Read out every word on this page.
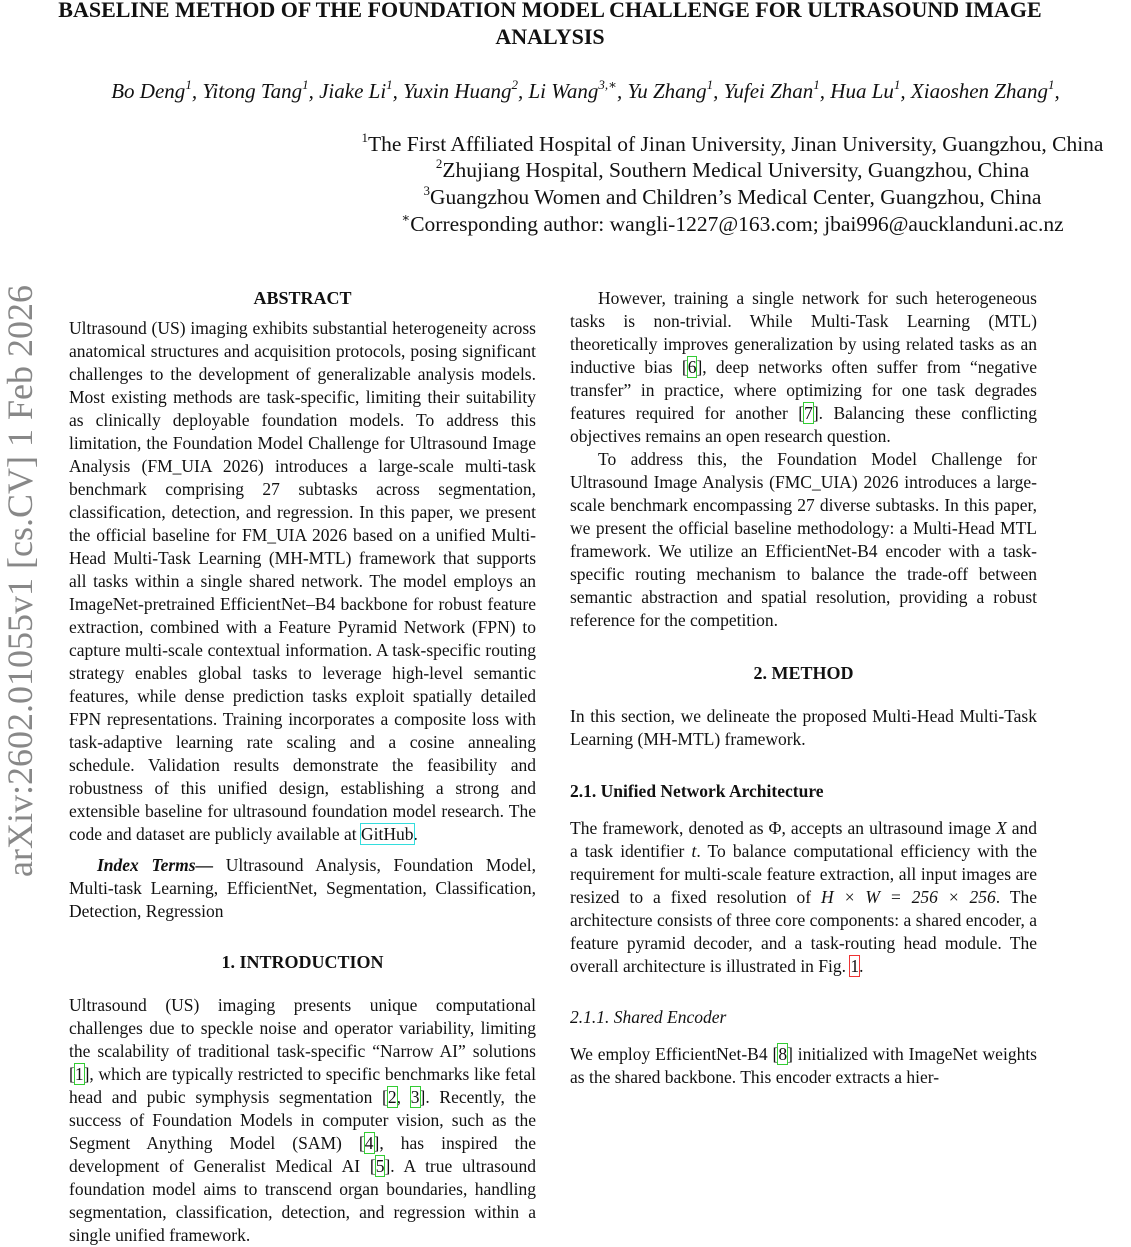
BASELINE METHOD OF THE FOUNDATION MODEL CHALLENGE FOR ULTRASOUND IMAGE ANALYSIS
Bo Deng$^1$, Yitong Tang$^1$, Jiake Li$^1$, Yuxin Huang$^2$, Li Wang$^{3,∗}$, Yu Zhang$^1$, Yufei Zhan$^1$, Hua Lu$^1$, Xiaoshen Zhang$^1$,
$^1$The First Affiliated Hospital of Jinan University, Jinan University, Guangzhou, China
$^2$Zhujiang Hospital, Southern Medical University, Guangzhou, China
$^3$Guangzhou Women and Children’s Medical Center, Guangzhou, China
∗Corresponding author: wangli-1227@163.com; jbai996@aucklanduni.ac.nz
arXiv:2602.01055v1 [cs.CV] 1 Feb 2026	ABSTRACT

Ultrasound (US) imaging exhibits substantial heterogeneity across anatomical structures and acquisition protocols, posing significant challenges to the development of generalizable analysis models. Most existing methods are task-specific, limiting their suitability as clinically deployable foundation models. To address this limitation, the Foundation Model Challenge for Ultrasound Image Analysis (FM_UIA 2026) introduces a large-scale multi-task benchmark comprising 27 subtasks across segmentation, classification, detection, and regression. In this paper, we present the official baseline for FM_UIA 2026 based on a unified Multi-Head Multi-Task Learning (MH-MTL) framework that supports all tasks within a single shared network. The model employs an ImageNet-pretrained EfficientNet–B4 backbone for robust feature extraction, combined with a Feature Pyramid Network (FPN) to capture multi-scale contextual information. A task-specific routing strategy enables global tasks to leverage high-level semantic features, while dense prediction tasks exploit spatially detailed FPN representations. Training incorporates a composite loss with task-adaptive learning rate scaling and a cosine annealing schedule. Validation results demonstrate the feasibility and robustness of this unified design, establishing a strong and extensible baseline for ultrasound foundation model research. The code and dataset are publicly available at GitHub.

Index Terms— Ultrasound Analysis, Foundation Model, Multi-task Learning, EfficientNet, Segmentation, Classification, Detection, Regression

1. INTRODUCTION

Ultrasound (US) imaging presents unique computational challenges due to speckle noise and operator variability, limiting the scalability of traditional task-specific “Narrow AI” solutions [1], which are typically restricted to specific benchmarks like fetal head and pubic symphysis segmentation [2, 3]. Recently, the success of Foundation Models in computer vision, such as the Segment Anything Model (SAM) [4], has inspired the development of Generalist Medical AI [5]. A true ultrasound foundation model aims to transcend organ boundaries, handling segmentation, classification, detection, and regression within a single unified framework.

However, training a single network for such heterogeneous tasks is non-trivial. While Multi-Task Learning (MTL) theoretically improves generalization by using related tasks as an inductive bias [6], deep networks often suffer from “negative transfer” in practice, where optimizing for one task degrades features required for another [7]. Balancing these conflicting objectives remains an open research question.

To address this, the Foundation Model Challenge for Ultrasound Image Analysis (FMC_UIA) 2026 introduces a large-scale benchmark encompassing 27 diverse subtasks. In this paper, we present the official baseline methodology: a Multi-Head MTL framework. We utilize an EfficientNet-B4 encoder with a task-specific routing mechanism to balance the trade-off between semantic abstraction and spatial resolution, providing a robust reference for the competition.

2. METHOD

In this section, we delineate the proposed Multi-Head Multi-Task Learning (MH-MTL) framework.

2.1. Unified Network Architecture

The framework, denoted as Φ, accepts an ultrasound image X and a task identifier t. To balance computational efficiency with the requirement for multi-scale feature extraction, all input images are resized to a fixed resolution of H × W = 256 × 256. The architecture consists of three core components: a shared encoder, a feature pyramid decoder, and a task-routing head module. The overall architecture is illustrated in Fig. 1.

2.1.1. Shared Encoder

We employ EfficientNet-B4 [8] initialized with ImageNet weights as the shared backbone. This encoder extracts a hier-
